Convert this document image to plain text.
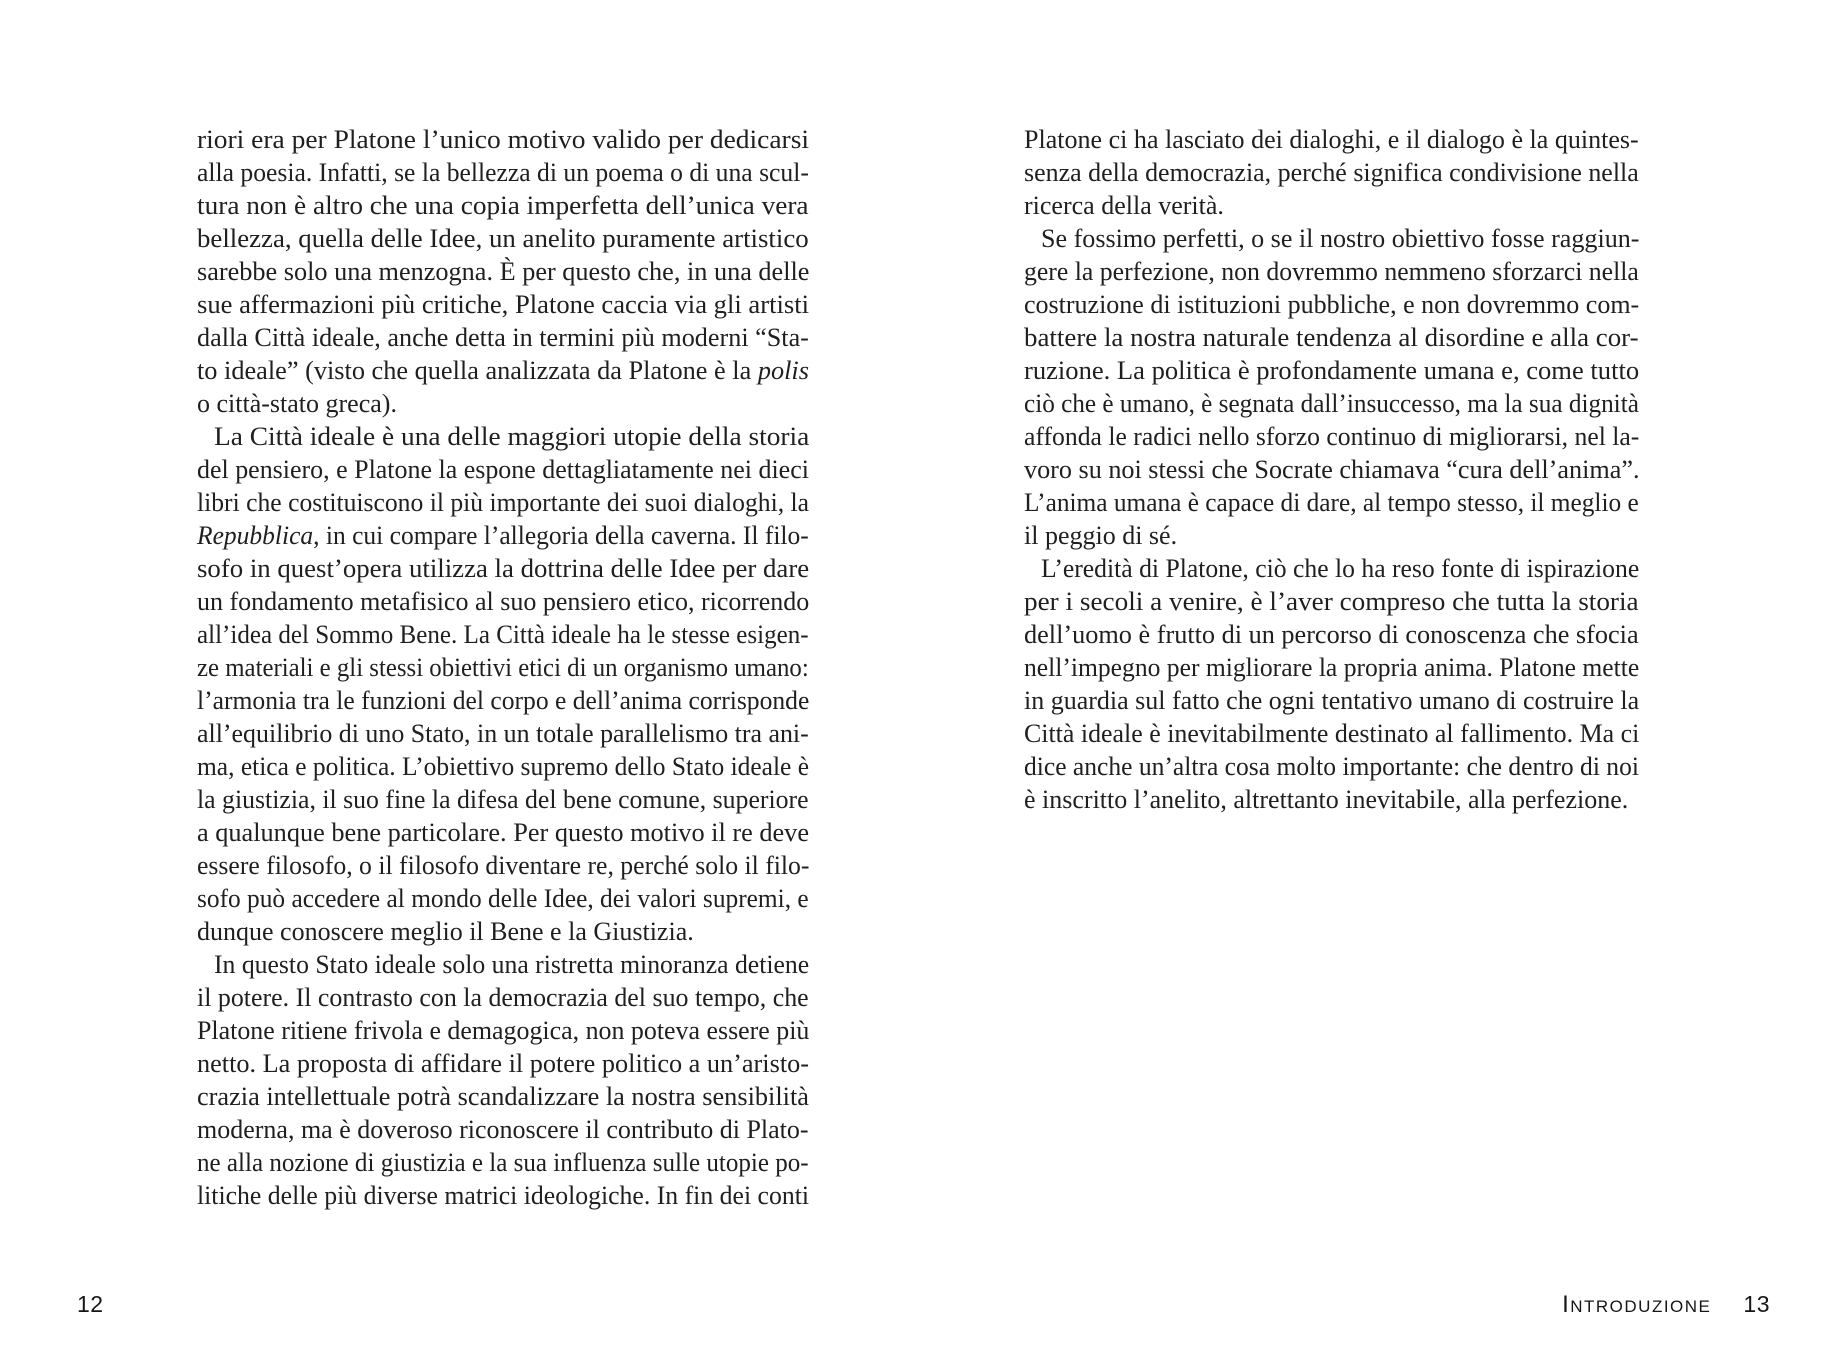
riori era per Platone l’unico motivo valido per dedicarsi
alla poesia. Infatti, se la bellezza di un poema o di una scul-
tura non è altro che una copia imperfetta dell’unica vera
bellezza, quella delle Idee, un anelito puramente artistico
sarebbe solo una menzogna. È per questo che, in una delle
sue affermazioni più critiche, Platone caccia via gli artisti
dalla Città ideale, anche detta in termini più moderni “Sta-
to ideale” (visto che quella analizzata da Platone è la polis
o città-stato greca).
La Città ideale è una delle maggiori utopie della storia
del pensiero, e Platone la espone dettagliatamente nei dieci
libri che costituiscono il più importante dei suoi dialoghi, la
Repubblica, in cui compare l’allegoria della caverna. Il filo-
sofo in quest’opera utilizza la dottrina delle Idee per dare
un fondamento metafisico al suo pensiero etico, ricorrendo
all’idea del Sommo Bene. La Città ideale ha le stesse esigen-
ze materiali e gli stessi obiettivi etici di un organismo umano:
l’armonia tra le funzioni del corpo e dell’anima corrisponde
all’equilibrio di uno Stato, in un totale parallelismo tra ani-
ma, etica e politica. L’obiettivo supremo dello Stato ideale è
la giustizia, il suo fine la difesa del bene comune, superiore
a qualunque bene particolare. Per questo motivo il re deve
essere filosofo, o il filosofo diventare re, perché solo il filo-
sofo può accedere al mondo delle Idee, dei valori supremi, e
dunque conoscere meglio il Bene e la Giustizia.
In questo Stato ideale solo una ristretta minoranza detiene
il potere. Il contrasto con la democrazia del suo tempo, che
Platone ritiene frivola e demagogica, non poteva essere più
netto. La proposta di affidare il potere politico a un’aristo-
crazia intellettuale potrà scandalizzare la nostra sensibilità
moderna, ma è doveroso riconoscere il contributo di Plato-
ne alla nozione di giustizia e la sua influenza sulle utopie po-
litiche delle più diverse matrici ideologiche. In fin dei conti
Platone ci ha lasciato dei dialoghi, e il dialogo è la quintes-
senza della democrazia, perché significa condivisione nella
ricerca della verità.
Se fossimo perfetti, o se il nostro obiettivo fosse raggiun-
gere la perfezione, non dovremmo nemmeno sforzarci nella
costruzione di istituzioni pubbliche, e non dovremmo com-
battere la nostra naturale tendenza al disordine e alla cor-
ruzione. La politica è profondamente umana e, come tutto
ciò che è umano, è segnata dall’insuccesso, ma la sua dignità
affonda le radici nello sforzo continuo di migliorarsi, nel la-
voro su noi stessi che Socrate chiamava “cura dell’anima”.
L’anima umana è capace di dare, al tempo stesso, il meglio e
il peggio di sé.
L’eredità di Platone, ciò che lo ha reso fonte di ispirazione
per i secoli a venire, è l’aver compreso che tutta la storia
dell’uomo è frutto di un percorso di conoscenza che sfocia
nell’impegno per migliorare la propria anima. Platone mette
in guardia sul fatto che ogni tentativo umano di costruire la
Città ideale è inevitabilmente destinato al fallimento. Ma ci
dice anche un’altra cosa molto importante: che dentro di noi
è inscritto l’anelito, altrettanto inevitabile, alla perfezione.
12	Introduzione 13
